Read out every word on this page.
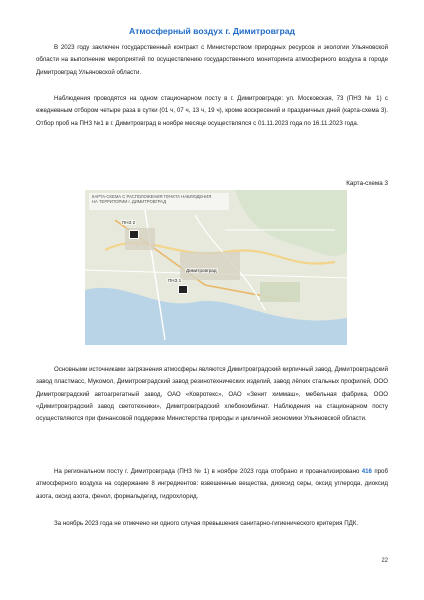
Атмосферный воздух г. Димитровград

В 2023 году заключен государственный контракт с Министерством природных ресурсов и экологии Ульяновской области на выполнение мероприятий по осуществлению государственного мониторинга атмосферного воздуха в городе Димитровград Ульяновской области.

Наблюдения проводятся на одном стационарном посту в г. Димитровграде: ул. Московская, 73 (ПНЗ № 1) с ежедневным отбором четыре раза в сутки (01 ч, 07 ч, 13 ч, 19 ч), кроме воскресений и праздничных дней (карта-схема 3). Отбор проб на ПНЗ №1 в г. Димитровград в ноябре месяце осуществлялся с 01.11.2023 года по 16.11.2023 года.

Карта-схема 3
КАРТА-СХЕМА С РАСПОЛОЖЕНИЯ ПУНКТА НАБЛЮДЕНИЯ
НА ТЕРРИТОРИИ г. ДИМИТРОВГРАД
ПНЗ 2
ПНЗ 1
Димитровград

Основными источниками загрязнения атмосферы являются Димитровградский кирпичный завод, Димитровградский завод пластмасс, Мукомол, Димитровградский завод резинотехнических изделий, завод лёгких стальных профилей, ООО Димитровградский автоагрегатный завод, ОАО «Ковротекс», ОАО «Зенит химмаш», мебельная фабрика, ООО «Димитровградский завод светотехники», Димитровградский хлебокомбинат. Наблюдения на стационарном посту осуществляются при финансовой поддержке Министерства природы и цикличной экономики Ульяновской области.

На региональном посту г. Димитровграда (ПНЗ № 1) в ноябре 2023 года отобрано и проанализировано 416 проб атмосферного воздуха на содержание 8 ингредиентов: взвешенные вещества, диоксид серы, оксид углерода, диоксид азота, оксид азота, фенол, формальдегид, гидрохлорид.

За ноябрь 2023 года не отмечено ни одного случая превышения санитарно-гигиенического критерия ПДК.

22
